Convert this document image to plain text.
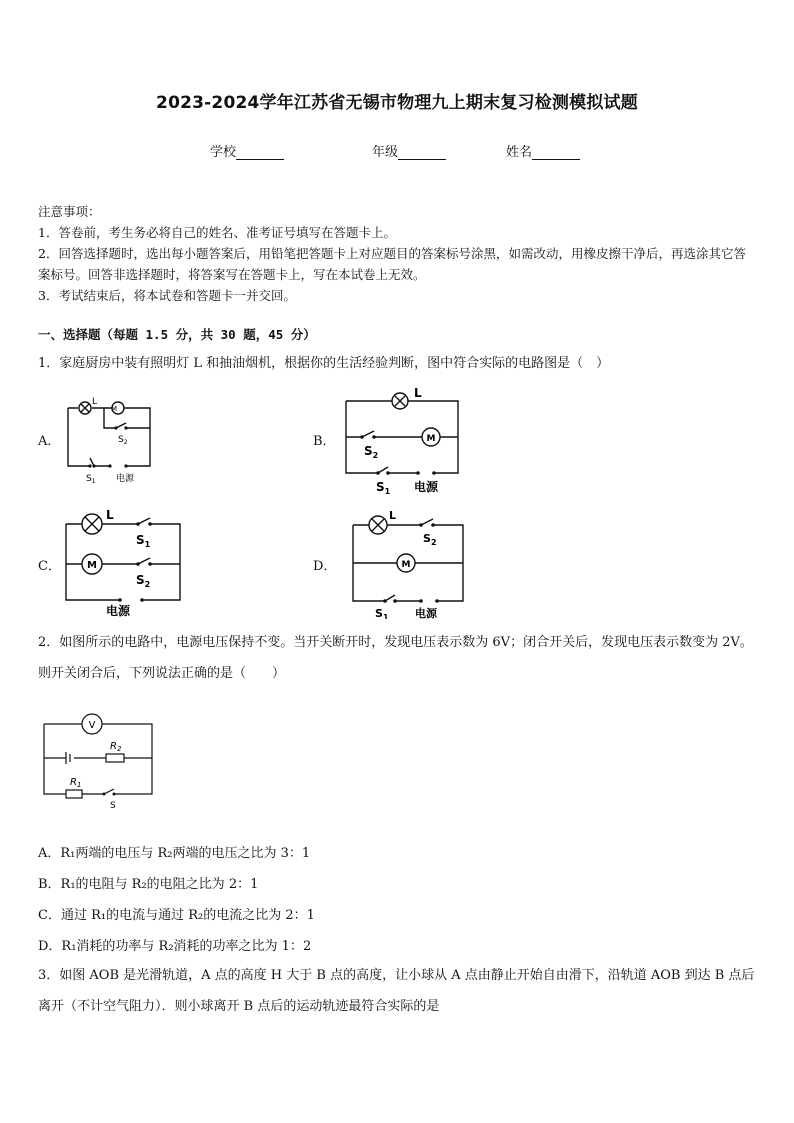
2023-2024学年江苏省无锡市物理九上期末复习检测模拟试题
学校	年级	姓名
注意事项：
1．答卷前，考生务必将自己的姓名、准考证号填写在答题卡上。
2．回答选择题时，选出每小题答案后，用铅笔把答题卡上对应题目的答案标号涂黑，如需改动，用橡皮擦干净后，再选涂其它答案标号。回答非选择题时，将答案写在答题卡上，写在本试卷上无效。
3．考试结束后，将本试卷和答题卡一并交回。
一、选择题（每题 1.5 分，共 30 题，45 分）
1．家庭厨房中装有照明灯 L 和抽油烟机，根据你的生活经验判断，图中符合实际的电路图是（　）
A．	B．
C．	D．
L
M
$S_2$
$S_1$ 电源
L
M
$S_2$
$S_1$ 电源
L
M
$S_1$
$S_2$
电源
L
M
$S_2$
$S_1$ 电源
2．如图所示的电路中，电源电压保持不变。当开关断开时，发现电压表示数为 6V；闭合开关后，发现电压表示数变为 2V。则开关闭合后，下列说法正确的是（　　）
V
$R_2$
$R_1$
S
A．R₁两端的电压与 R₂两端的电压之比为 3：1
B．R₁的电阻与 R₂的电阻之比为 2：1
C．通过 R₁的电流与通过 R₂的电流之比为 2：1
D．R₁消耗的功率与 R₂消耗的功率之比为 1：2
3．如图 AOB 是光滑轨道，A 点的高度 H 大于 B 点的高度，让小球从 A 点由静止开始自由滑下，沿轨道 AOB 到达 B 点后离开（不计空气阻力）．则小球离开 B 点后的运动轨迹最符合实际的是
